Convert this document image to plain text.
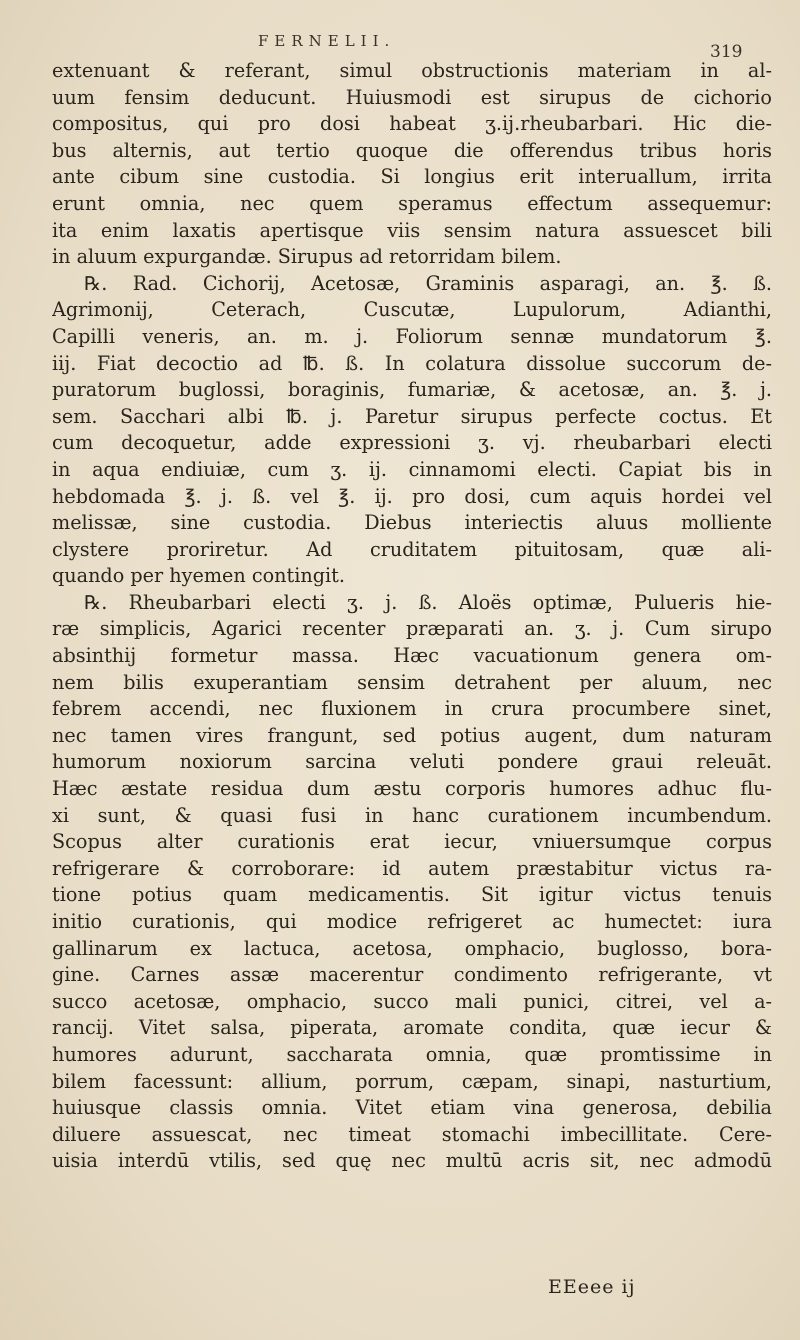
FERNELII.
319
extenuant & referant, simul obstructionis materiam in al-
uum fensim deducunt. Huiusmodi est sirupus de cichorio
compositus, qui pro dosi habeat ʒ.ij.rheubarbari. Hic die-
bus alternis, aut tertio quoque die offerendus tribus horis
ante cibum sine custodia. Si longius erit interuallum, irrita
erunt omnia, nec quem speramus effectum assequemur:
ita enim laxatis apertisque viis sensim natura assuescet bili
in aluum expurgandæ. Sirupus ad retorridam bilem.
℞. Rad. Cichorij, Acetosæ, Graminis asparagi, an. ℥. ß.
Agrimonij, Ceterach, Cuscutæ, Lupulorum, Adianthi,
Capilli veneris, an. m. j. Foliorum sennæ mundatorum ℥.
iij. Fiat decoctio ad ℔. ß. In colatura dissolue succorum de-
puratorum buglossi, boraginis, fumariæ, & acetosæ, an. ℥. j.
sem. Sacchari albi ℔. j. Paretur sirupus perfecte coctus. Et
cum decoquetur, adde expressioni ʒ. vj. rheubarbari electi
in aqua endiuiæ, cum ʒ. ij. cinnamomi electi. Capiat bis in
hebdomada ℥. j. ß. vel ℥. ij. pro dosi, cum aquis hordei vel
melissæ, sine custodia. Diebus interiectis aluus molliente
clystere proriretur. Ad cruditatem pituitosam, quæ ali-
quando per hyemen contingit.
℞. Rheubarbari electi ʒ. j. ß. Aloës optimæ, Pulueris hie-
ræ simplicis, Agarici recenter præparati an. ʒ. j. Cum sirupo
absinthij formetur massa. Hæc vacuationum genera om-
nem bilis exuperantiam sensim detrahent per aluum, nec
febrem accendi, nec fluxionem in crura procumbere sinet,
nec tamen vires frangunt, sed potius augent, dum naturam
humorum noxiorum sarcina veluti pondere graui releuāt.
Hæc æstate residua dum æstu corporis humores adhuc flu-
xi sunt, & quasi fusi in hanc curationem incumbendum.
Scopus alter curationis erat iecur, vniuersumque corpus
refrigerare & corroborare: id autem præstabitur victus ra-
tione potius quam medicamentis. Sit igitur victus tenuis
initio curationis, qui modice refrigeret ac humectet: iura
gallinarum ex lactuca, acetosa, omphacio, buglosso, bora-
gine. Carnes assæ macerentur condimento refrigerante, vt
succo acetosæ, omphacio, succo mali punici, citrei, vel a-
rancij. Vitet salsa, piperata, aromate condita, quæ iecur &
humores adurunt, saccharata omnia, quæ promtissime in
bilem facessunt: allium, porrum, cæpam, sinapi, nasturtium,
huiusque classis omnia. Vitet etiam vina generosa, debilia
diluere assuescat, nec timeat stomachi imbecillitate. Cere-
uisia interdū vtilis, sed quę nec multū acris sit, nec admodū
EEeee ij
